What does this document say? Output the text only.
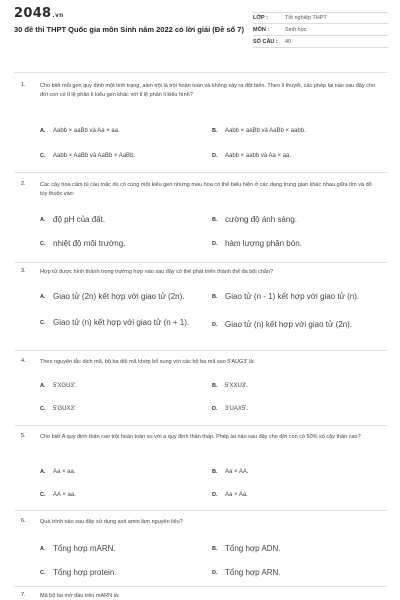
2048.vn
30 đề thi THPT Quốc gia môn Sinh năm 2022 có lời giải (Đề số 7)
LỚP :	Tốt nghiệp THPT
MÔN :	Sinh học
SỐ CÂU :	40
1.	Cho biết mỗi gen quy định một tính trạng, alen trội là trội hoàn toàn và không xảy ra đột biến. Theo lí thuyết, các phép lai nào sau đây cho đời con có tỉ lệ phân li kiểu gen khác với tỉ lệ phân li kiểu hình?
A.	Aabb × aaBb và Aa × aa.	B.	Aabb × aaBb và AaBb × aabb.
C.	Aabb × AaBb và AaBb × AaBb.	D.	Aabb × aabb và Aa × aa.
2.	Các cây hoa cẩm tú cầu mặc dù có cùng một kiểu gen nhưng màu hoa có thể biểu hiện ở các dạng trung gian khác nhau giữa tím và đỏ tùy thuộc vào:
A. độ pH của đất.	B. cường độ ánh sáng.
C. nhiệt độ môi trường.	D. hàm lượng phân bón.
3.	Hợp tử được hình thành trong trường hợp nào sau đây có thể phát triển thành thể đa bội chẵn?
A. Giao tử (2n) kết hợp với giao tử (2n).	B. Giao tử (n - 1) kết hợp với giao tử (n).
C. Giao tử (n) kết hợp với giao tử (n + 1).	D. Giao tử (n) kết hợp với giao tử (2n).
4.	Theo nguyên tắc dịch mã, bộ ba đối mã khớp bổ sung với các bộ ba mã sao 5'AUG3' là:
A.	5'XGU3'.	B.	5'XXU3'.
C.	5'GUX3'.	D.	3'UAX5'.
5.	Cho biết A quy định thân cao trội hoàn toàn so với a quy định thân thấp. Phép lai nào sau đây cho đời con có 50% số cây thân cao?
A.	Aa × aa.	B.	Aa × AA.
C.	AA × aa.	D.	Aa × Aa.
6.	Quá trình nào sau đây sử dụng axit amin làm nguyên liệu?
A. Tổng hợp mARN.	B. Tổng hợp ADN.
C. Tổng hợp protein.	D. Tổng hợp ARN.
7.	Mã bộ ba mở đầu trên mARN là:
